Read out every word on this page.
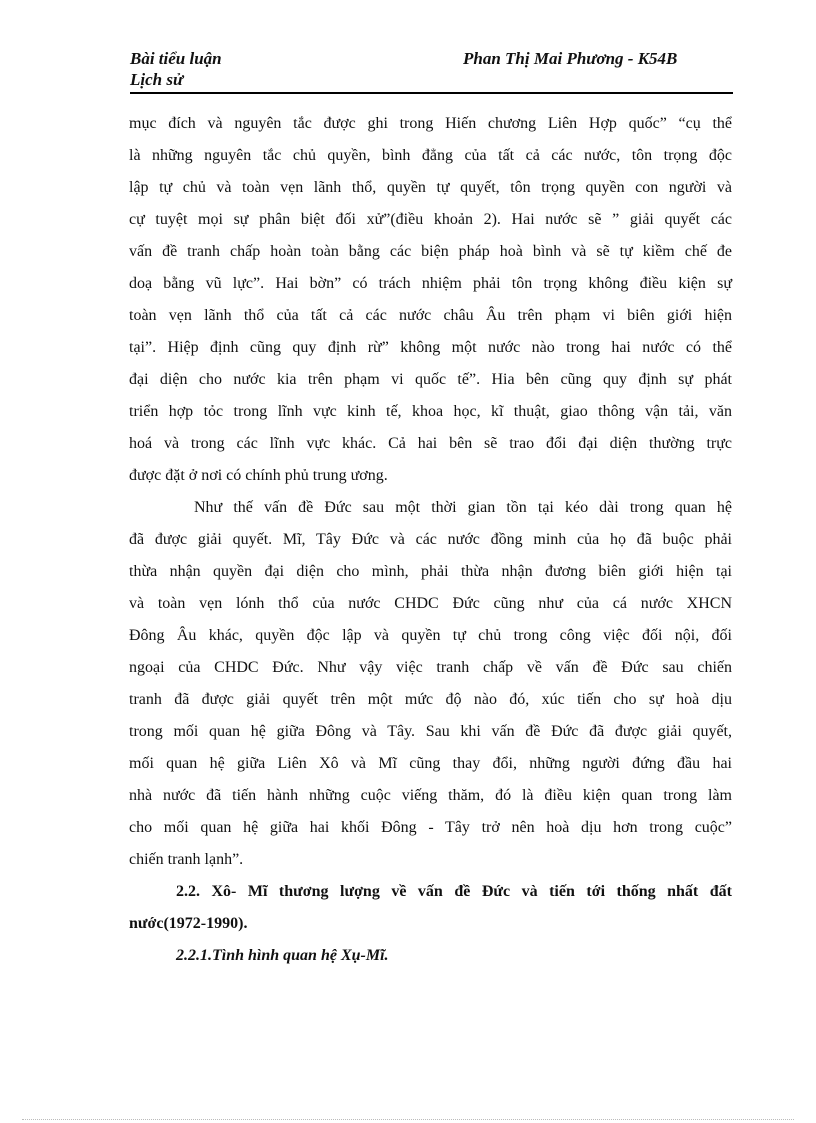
Bài tiểu luận
Lịch sử
Phan Thị Mai Phương - K54B
mục đích và nguyên tắc được ghi trong Hiến chương Liên Hợp quốc” “cụ thể
là những nguyên tắc chủ quyền, bình đẳng của tất cả các nước, tôn trọng độc
lập tự chủ và toàn vẹn lãnh thổ, quyền tự quyết, tôn trọng quyền con người và
cự tuyệt mọi sự phân biệt đối xử”(điều khoản 2). Hai nước sẽ ” giải quyết các
vấn đề tranh chấp hoàn toàn bằng các biện pháp hoà bình và sẽ tự kiềm chế đe
doạ bằng vũ lực”. Hai bờn” có trách nhiệm phải tôn trọng không điều kiện sự
toàn vẹn lãnh thổ của tất cả các nước châu Âu trên phạm vi biên giới hiện
tại”. Hiệp định cũng quy định rừ” không một nước nào trong hai nước có thể
đại diện cho nước kia trên phạm vi quốc tế”. Hia bên cũng quy định sự phát
triển hợp tỏc trong lĩnh vực kinh tế, khoa học, kĩ thuật, giao thông vận tải, văn
hoá và trong các lĩnh vực khác. Cả hai bên sẽ trao đổi đại diện thường trực
được đặt ở nơi có chính phủ trung ương.
Như thế vấn đề Đức sau một thời gian tồn tại kéo dài trong quan hệ
đã được giải quyết. Mĩ, Tây Đức và các nước đồng minh của họ đã buộc phải
thừa nhận quyền đại diện cho mình, phải thừa nhận đương biên giới hiện tại
và toàn vẹn lónh thổ của nước CHDC Đức cũng như của cá nước XHCN
Đông Âu khác, quyền độc lập và quyền tự chủ trong công việc đối nội, đối
ngoại của CHDC Đức. Như vậy việc tranh chấp về vấn đề Đức sau chiến
tranh đã được giải quyết trên một mức độ nào đó, xúc tiến cho sự hoà dịu
trong mối quan hệ giữa Đông và Tây. Sau khi vấn đề Đức đã được giải quyết,
mối quan hệ giữa Liên Xô và Mĩ cũng thay đổi, những người đứng đầu hai
nhà nước đã tiến hành những cuộc viếng thăm, đó là điều kiện quan trong làm
cho mối quan hệ giữa hai khối Đông - Tây trở nên hoà dịu hơn trong cuộc”
chiến tranh lạnh”.
2.2. Xô- Mĩ thương lượng về vấn đề Đức và tiến tới thống nhất đất
nước(1972-1990).
2.2.1.Tình hình quan hệ Xụ-Mĩ.
